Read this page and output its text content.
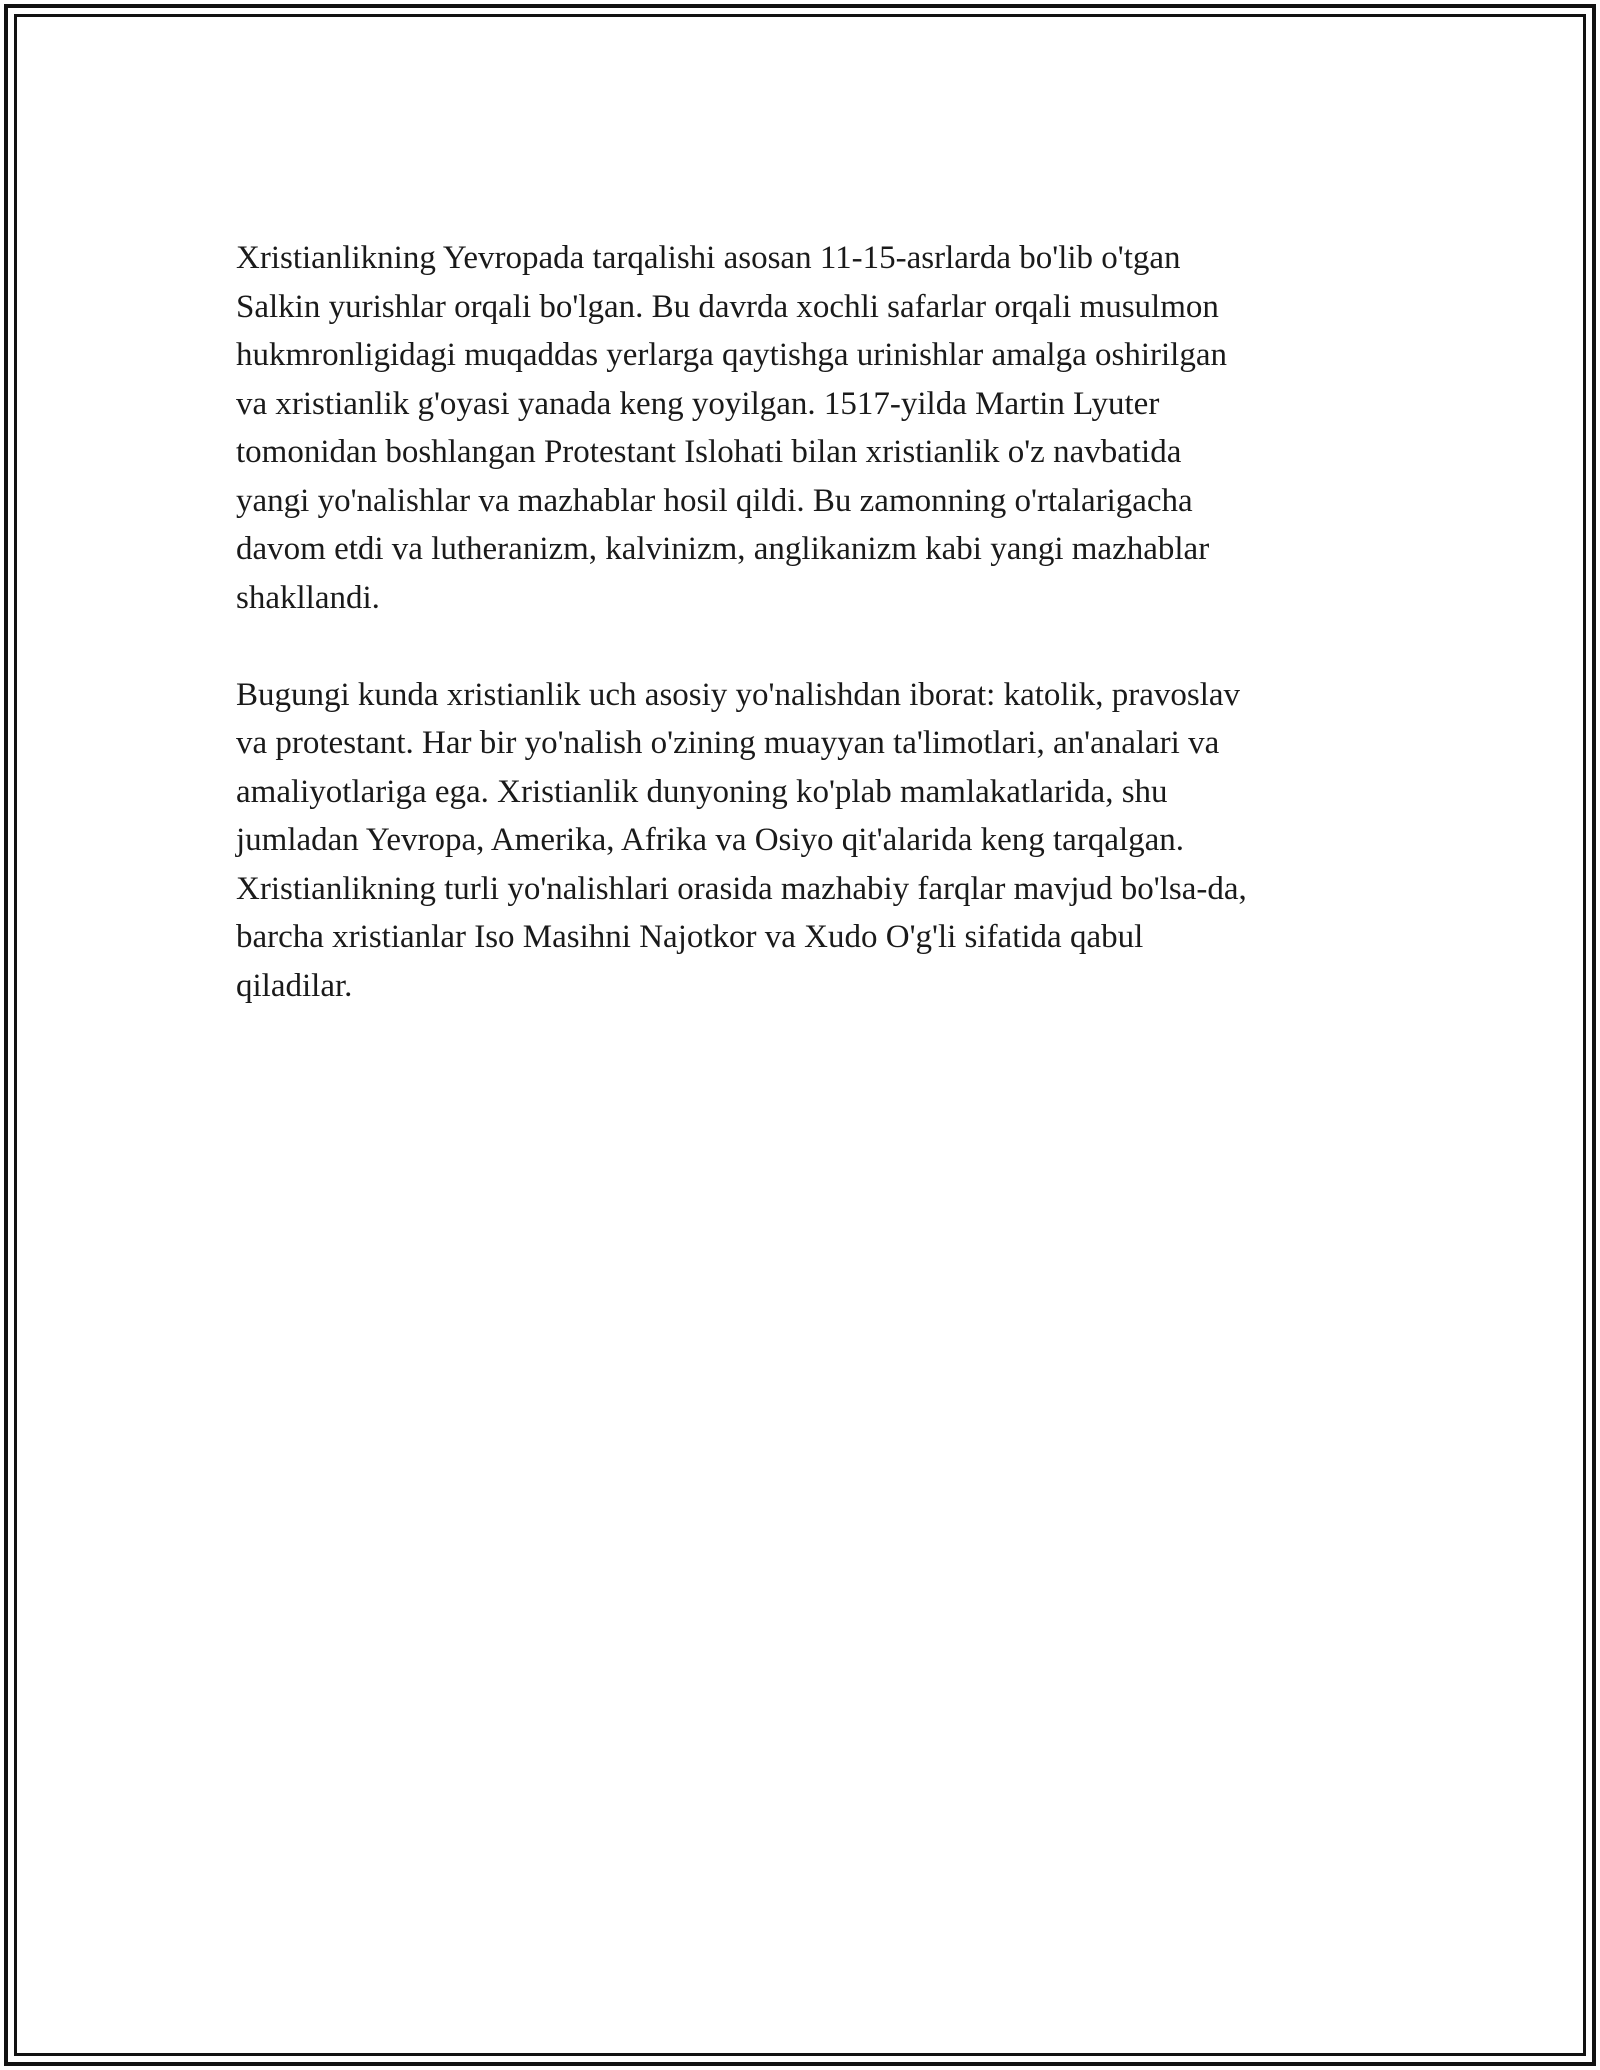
Xristianlikning Yevropada tarqalishi asosan 11-15-asrlarda bo'lib o'tgan
Salkin yurishlar orqali bo'lgan. Bu davrda xochli safarlar orqali musulmon
hukmronligidagi muqaddas yerlarga qaytishga urinishlar amalga oshirilgan
va xristianlik g'oyasi yanada keng yoyilgan. 1517-yilda Martin Lyuter
tomonidan boshlangan Protestant Islohati bilan xristianlik o'z navbatida
yangi yo'nalishlar va mazhablar hosil qildi. Bu zamonning o'rtalarigacha
davom etdi va lutheranizm, kalvinizm, anglikanizm kabi yangi mazhablar
shakllandi.

Bugungi kunda xristianlik uch asosiy yo'nalishdan iborat: katolik, pravoslav
va protestant. Har bir yo'nalish o'zining muayyan ta'limotlari, an'analari va
amaliyotlariga ega. Xristianlik dunyoning ko'plab mamlakatlarida, shu
jumladan Yevropa, Amerika, Afrika va Osiyo qit'alarida keng tarqalgan.
Xristianlikning turli yo'nalishlari orasida mazhabiy farqlar mavjud bo'lsa-da,
barcha xristianlar Iso Masihni Najotkor va Xudo O'g'li sifatida qabul
qiladilar.
